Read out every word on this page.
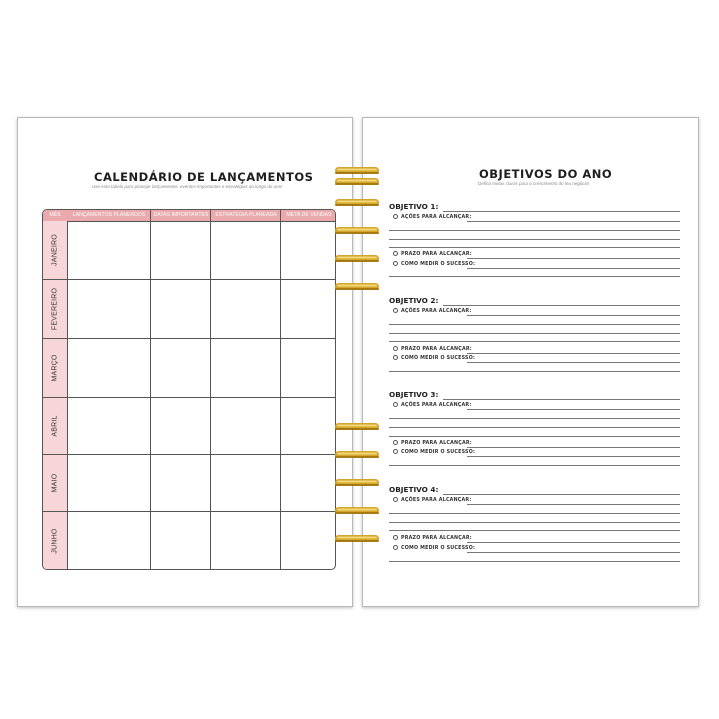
CALENDÁRIO DE LANÇAMENTOS
Use esta tabela para planejar lançamentos, eventos importantes e estratégias ao longo do ano!
MÊS	LANÇAMENTOS PLANEADOS	DATAS IMPORTANTES	ESTRATÉGIA PLANEADA	META DE VENDAS
JANEIRO
FEVEREIRO
MARÇO
ABRIL
MAIO
JUNHO
OBJETIVOS DO ANO
Defina metas claras para o crescimento do teu negócio!
OBJETIVO 1:
AÇÕES PARA ALCANÇAR:
PRAZO PARA ALCANÇAR:
COMO MEDIR O SUCESSO:
OBJETIVO 2:
AÇÕES PARA ALCANÇAR:
PRAZO PARA ALCANÇAR:
COMO MEDIR O SUCESSO:
OBJETIVO 3:
AÇÕES PARA ALCANÇAR:
PRAZO PARA ALCANÇAR:
COMO MEDIR O SUCESSO:
OBJETIVO 4:
AÇÕES PARA ALCANÇAR:
PRAZO PARA ALCANÇAR:
COMO MEDIR O SUCESSO:
